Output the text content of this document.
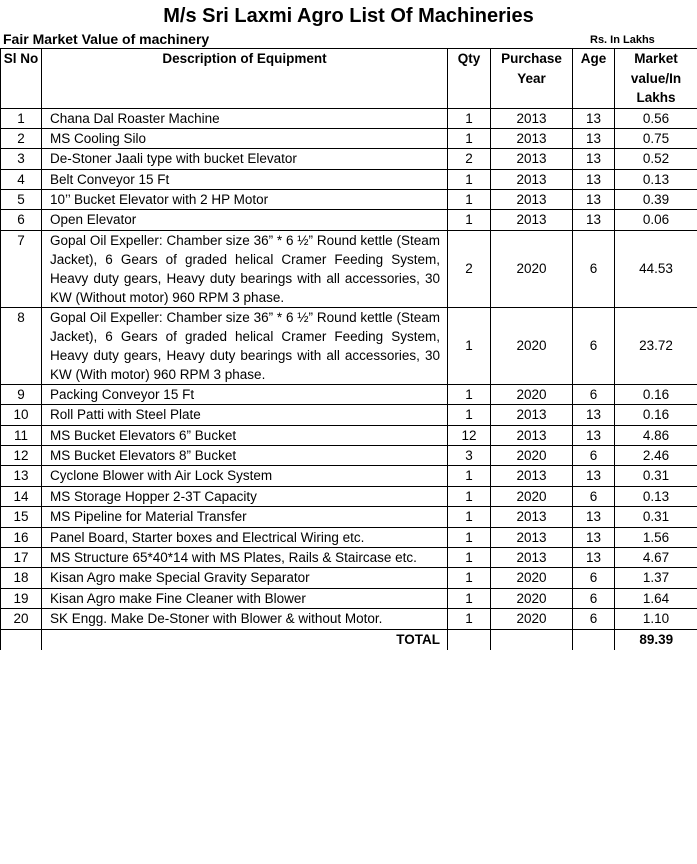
M/s Sri Laxmi Agro List Of Machineries
Fair Market Value of machinery	Rs. In Lakhs
Sl No	Description of Equipment	Qty	Purchase Year	Age	Market value/In Lakhs
1	Chana Dal Roaster Machine	1	2013	13	0.56
2	MS Cooling Silo	1	2013	13	0.75
3	De-Stoner Jaali type with bucket Elevator	2	2013	13	0.52
4	Belt Conveyor 15 Ft	1	2013	13	0.13
5	10’’ Bucket Elevator with 2 HP Motor	1	2013	13	0.39
6	Open Elevator	1	2013	13	0.06
7	Gopal Oil Expeller: Chamber size 36” * 6 ½” Round kettle (Steam Jacket), 6 Gears of graded helical Cramer Feeding System, Heavy duty gears, Heavy duty bearings with all accessories, 30 KW (Without motor) 960 RPM 3 phase.	2	2020	6	44.53
8	Gopal Oil Expeller: Chamber size 36” * 6 ½” Round kettle (Steam Jacket), 6 Gears of graded helical Cramer Feeding System, Heavy duty gears, Heavy duty bearings with all accessories, 30 KW (With motor) 960 RPM 3 phase.	1	2020	6	23.72
9	Packing Conveyor 15 Ft	1	2020	6	0.16
10	Roll Patti with Steel Plate	1	2013	13	0.16
11	MS Bucket Elevators 6” Bucket	12	2013	13	4.86
12	MS Bucket Elevators 8” Bucket	3	2020	6	2.46
13	Cyclone Blower with Air Lock System	1	2013	13	0.31
14	MS Storage Hopper 2-3T Capacity	1	2020	6	0.13
15	MS Pipeline for Material Transfer	1	2013	13	0.31
16	Panel Board, Starter boxes and Electrical Wiring etc.	1	2013	13	1.56
17	MS Structure 65*40*14 with MS Plates, Rails & Staircase etc.	1	2013	13	4.67
18	Kisan Agro make Special Gravity Separator	1	2020	6	1.37
19	Kisan Agro make Fine Cleaner with Blower	1	2020	6	1.64
20	SK Engg. Make De-Stoner with Blower & without Motor.	1	2020	6	1.10
	TOTAL				89.39
